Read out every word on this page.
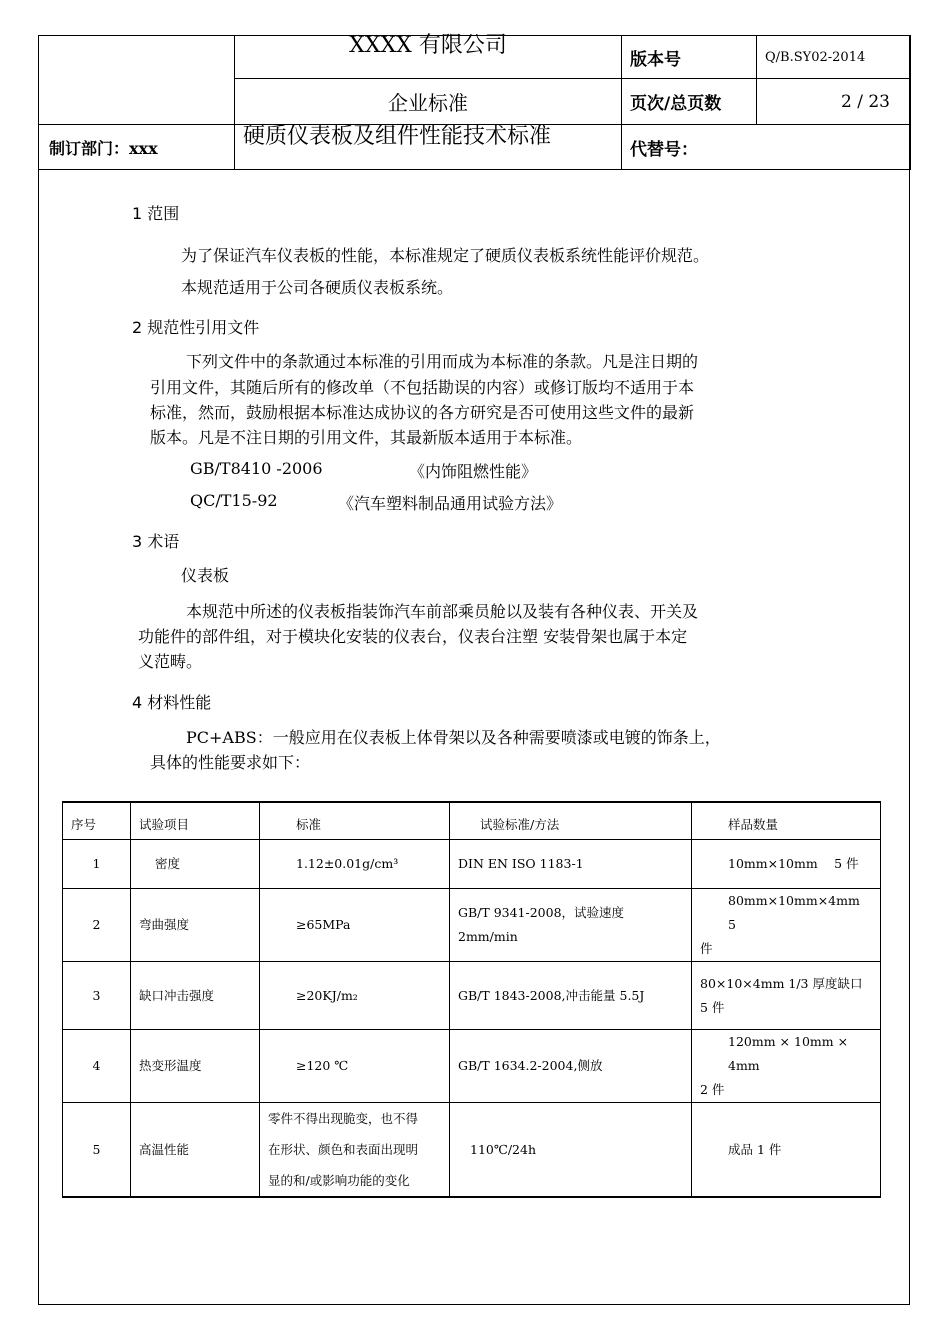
	XXXX 有限公司	版本号	Q/B.SY02-2014
	企业标准	页次/总页数	2 / 23
制订部门：xxx	硬质仪表板及组件性能技术标准	代替号：	
1 范围
为了保证汽车仪表板的性能，本标准规定了硬质仪表板系统性能评价规范。
本规范适用于公司各硬质仪表板系统。
2 规范性引用文件
下列文件中的条款通过本标准的引用而成为本标准的条款。凡是注日期的
引用文件，其随后所有的修改单（不包括勘误的内容）或修订版均不适用于本
标准，然而，鼓励根据本标准达成协议的各方研究是否可使用这些文件的最新
版本。凡是不注日期的引用文件，其最新版本适用于本标准。
GB/T8410 -2006	《内饰阻燃性能》
QC/T15-92	《汽车塑料制品通用试验方法》
3 术语
仪表板
本规范中所述的仪表板指装饰汽车前部乘员舱以及装有各种仪表、开关及
功能件的部件组，对于模块化安装的仪表台，仪表台注塑 安装骨架也属于本定
义范畴。
4 材料性能
PC+ABS：一般应用在仪表板上体骨架以及各种需要喷漆或电镀的饰条上，
具体的性能要求如下：
序号	试验项目	标准	试验标准/方法	样品数量
1	密度	1.12±0.01g/cm³	DIN EN ISO 1183-1	10mm×10mm　 5 件
2	弯曲强度	≥65MPa	GB/T 9341-2008，试验速度 2mm/min	80mm×10mm×4mm　 5
件

3	缺口冲击强度	≥20KJ/m₂	GB/T 1843-2008,冲击能量 5.5J	80×10×4mm 1/3 厚度缺口
5 件

4	热变形温度	≥120 ℃	GB/T 1634.2-2004,侧放	120mm × 10mm × 4mm
2 件

5	高温性能	零件不得出现脆变，也不得
在形状、颜色和表面出现明
显的和/或影响功能的变化	110℃/24h	成品 1 件
